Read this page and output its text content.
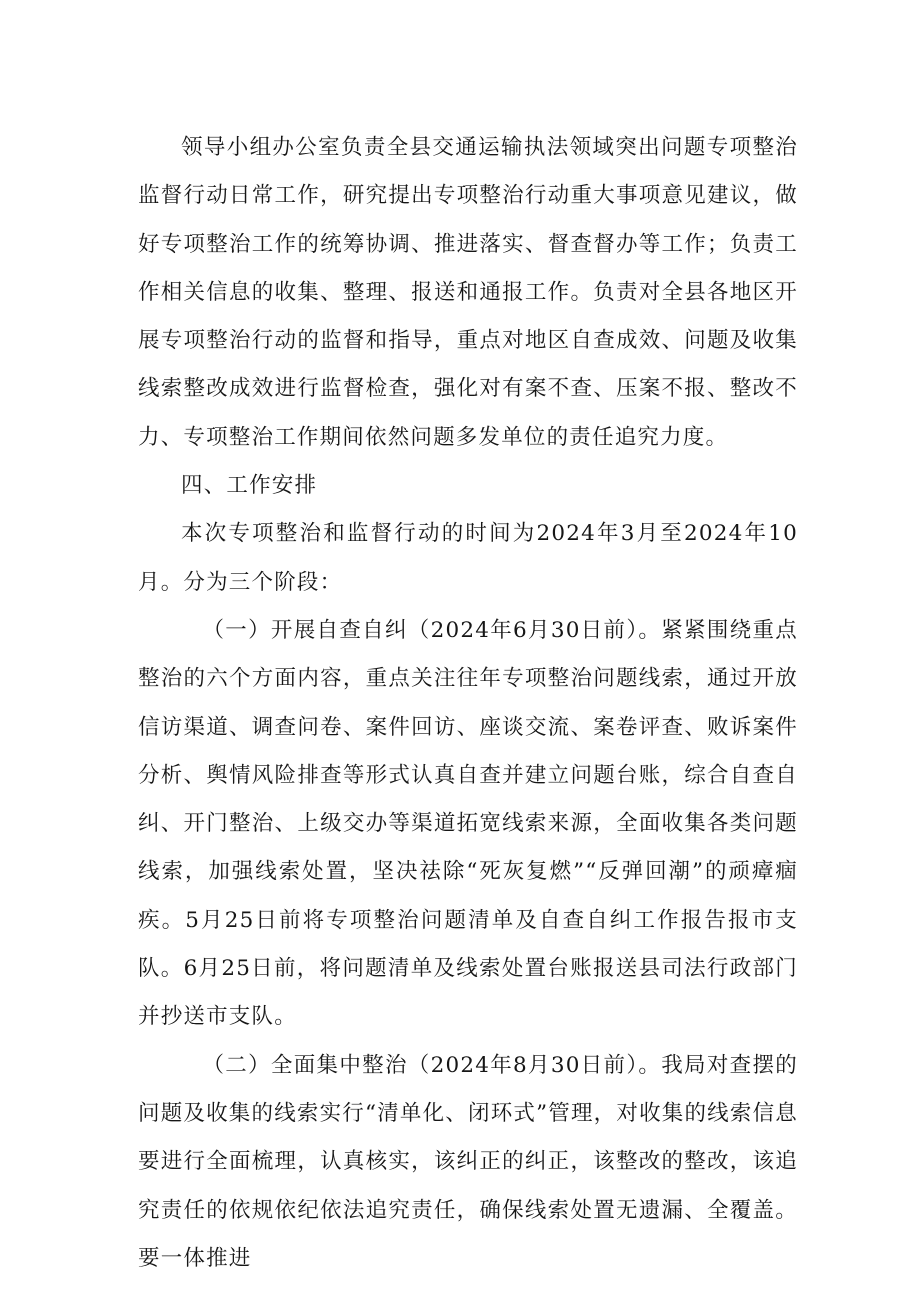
领导小组办公室负责全县交通运输执法领域突出问题专项整治监督行动日常工作，研究提出专项整治行动重大事项意见建议，做好专项整治工作的统筹协调、推进落实、督查督办等工作；负责工作相关信息的收集、整理、报送和通报工作。负责对全县各地区开展专项整治行动的监督和指导，重点对地区自查成效、问题及收集线索整改成效进行监督检查，强化对有案不查、压案不报、整改不力、专项整治工作期间依然问题多发单位的责任追究力度。

四、工作安排

本次专项整治和监督行动的时间为2024年3月至2024年10月。分为三个阶段：

（一）开展自查自纠（2024年6月30日前）。紧紧围绕重点整治的六个方面内容，重点关注往年专项整治问题线索，通过开放信访渠道、调查问卷、案件回访、座谈交流、案卷评查、败诉案件分析、舆情风险排查等形式认真自查并建立问题台账，综合自查自纠、开门整治、上级交办等渠道拓宽线索来源，全面收集各类问题线索，加强线索处置，坚决祛除“死灰复燃”“反弹回潮”的顽瘴痼疾。5月25日前将专项整治问题清单及自查自纠工作报告报市支队。6月25日前，将问题清单及线索处置台账报送县司法行政部门并抄送市支队。

（二）全面集中整治（2024年8月30日前）。我局对查摆的问题及收集的线索实行“清单化、闭环式”管理，对收集的线索信息要进行全面梳理，认真核实，该纠正的纠正，该整改的整改，该追究责任的依规依纪依法追究责任，确保线索处置无遗漏、全覆盖。要一体推进
